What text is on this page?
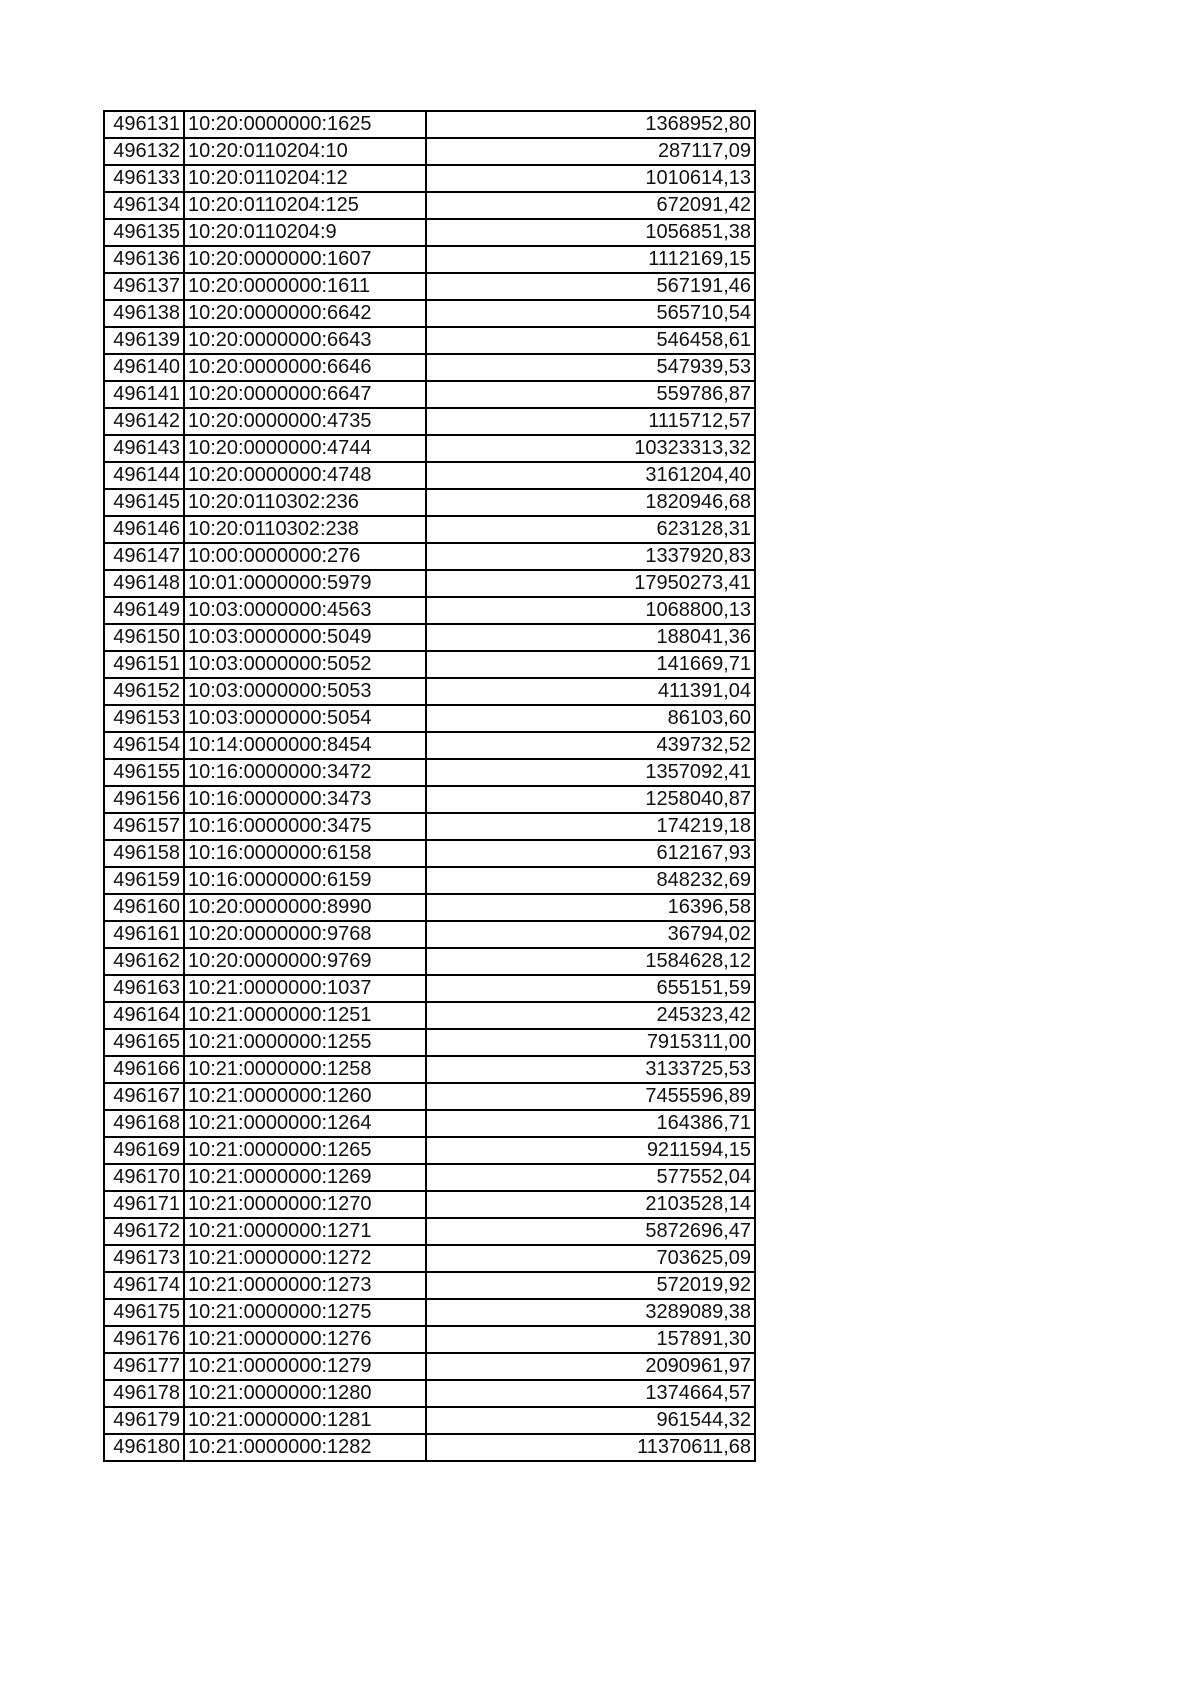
496131	10:20:0000000:1625	1368952,80
496132	10:20:0110204:10	287117,09
496133	10:20:0110204:12	1010614,13
496134	10:20:0110204:125	672091,42
496135	10:20:0110204:9	1056851,38
496136	10:20:0000000:1607	1112169,15
496137	10:20:0000000:1611	567191,46
496138	10:20:0000000:6642	565710,54
496139	10:20:0000000:6643	546458,61
496140	10:20:0000000:6646	547939,53
496141	10:20:0000000:6647	559786,87
496142	10:20:0000000:4735	1115712,57
496143	10:20:0000000:4744	10323313,32
496144	10:20:0000000:4748	3161204,40
496145	10:20:0110302:236	1820946,68
496146	10:20:0110302:238	623128,31
496147	10:00:0000000:276	1337920,83
496148	10:01:0000000:5979	17950273,41
496149	10:03:0000000:4563	1068800,13
496150	10:03:0000000:5049	188041,36
496151	10:03:0000000:5052	141669,71
496152	10:03:0000000:5053	411391,04
496153	10:03:0000000:5054	86103,60
496154	10:14:0000000:8454	439732,52
496155	10:16:0000000:3472	1357092,41
496156	10:16:0000000:3473	1258040,87
496157	10:16:0000000:3475	174219,18
496158	10:16:0000000:6158	612167,93
496159	10:16:0000000:6159	848232,69
496160	10:20:0000000:8990	16396,58
496161	10:20:0000000:9768	36794,02
496162	10:20:0000000:9769	1584628,12
496163	10:21:0000000:1037	655151,59
496164	10:21:0000000:1251	245323,42
496165	10:21:0000000:1255	7915311,00
496166	10:21:0000000:1258	3133725,53
496167	10:21:0000000:1260	7455596,89
496168	10:21:0000000:1264	164386,71
496169	10:21:0000000:1265	9211594,15
496170	10:21:0000000:1269	577552,04
496171	10:21:0000000:1270	2103528,14
496172	10:21:0000000:1271	5872696,47
496173	10:21:0000000:1272	703625,09
496174	10:21:0000000:1273	572019,92
496175	10:21:0000000:1275	3289089,38
496176	10:21:0000000:1276	157891,30
496177	10:21:0000000:1279	2090961,97
496178	10:21:0000000:1280	1374664,57
496179	10:21:0000000:1281	961544,32
496180	10:21:0000000:1282	11370611,68
